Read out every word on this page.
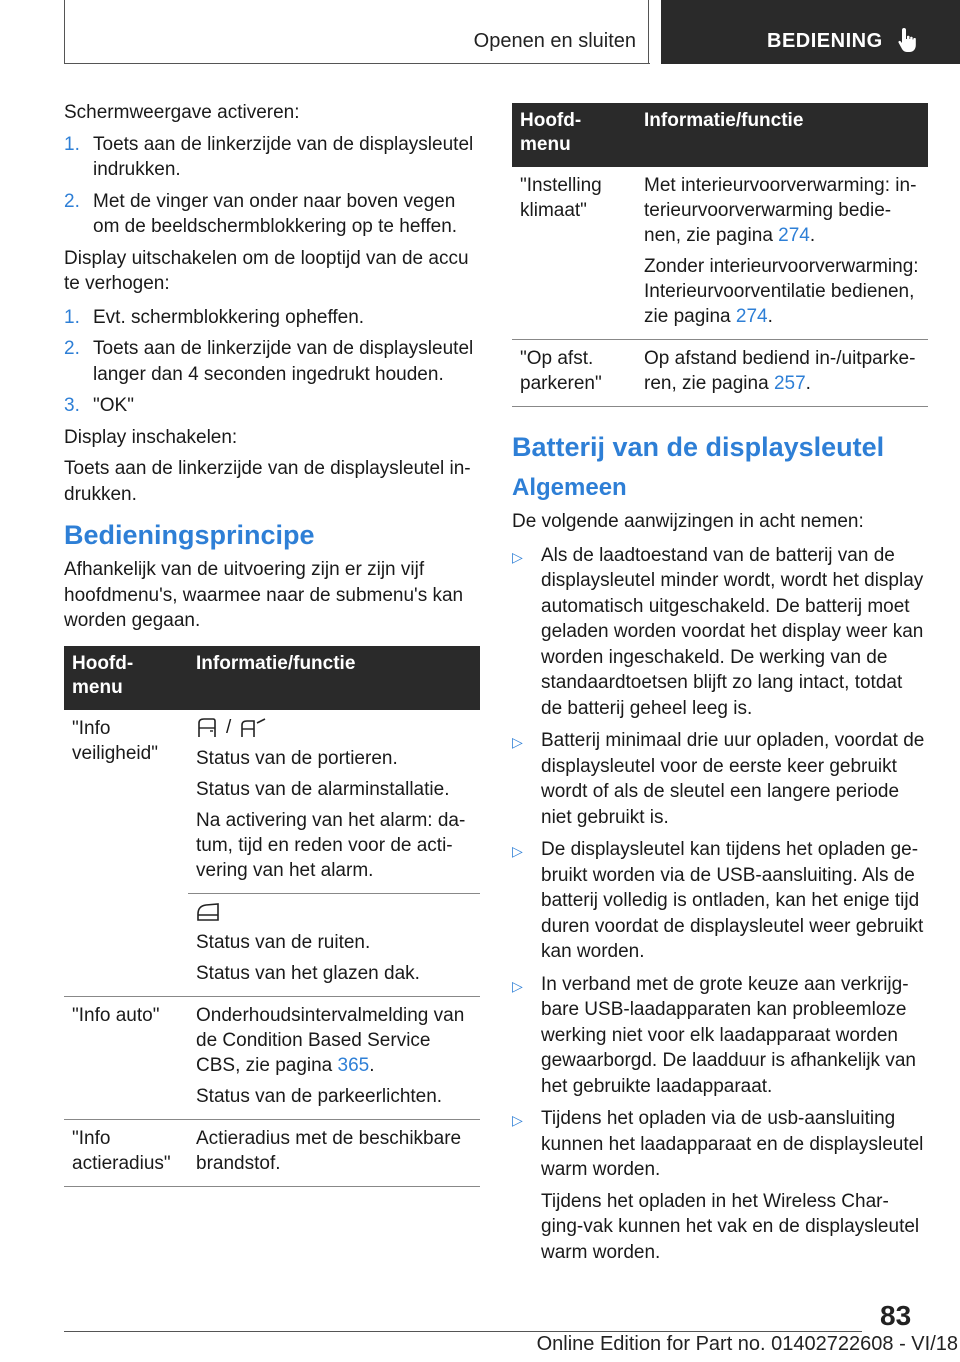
Openen en sluiten	BEDIENING

Schermweergave activeren:

1. Toets aan de linkerzijde van de displaysleutel indrukken.
2. Met de vinger van onder naar boven vegen om de beeldschermblokkering op te heffen.

Display uitschakelen om de looptijd van de accu te verhogen:

1. Evt. schermblokkering opheffen.
2. Toets aan de linkerzijde van de displaysleutel langer dan 4 seconden ingedrukt houden.
3. "OK"

Display inschakelen:

Toets aan de linkerzijde van de displaysleutel in- drukken.

Bedieningsprincipe

Afhankelijk van de uitvoering zijn er zijn vijf hoofdmenu's, waarmee naar de submenu's kan worden gegaan.

Hoofd- menu	Informatie/functie
"Info veiligheid"	/

Status van de portieren.

Status van de alarminstallatie.

Na activering van het alarm: da- tum, tijd en reden voor de acti- vering van het alarm.

	Status van de ruiten.

Status van het glazen dak.

"Info auto"	Onderhoudsintervalmelding van de Condition Based Service CBS, zie pagina 365.

Status van de parkeerlichten.

"Info actieradius"	Actieradius met de beschikbare brandstof.
Hoofd- menu	Informatie/functie
"Instelling klimaat"	Met interieurvoorverwarming: in- terieurvoorverwarming bedie- nen, zie pagina 274.

Zonder interieurvoorverwarming: Interieurvoorventilatie bedienen, zie pagina 274.

"Op afst. parkeren"	Op afstand bediend in-/uitparke- ren, zie pagina 257.

Batterij van de displaysleutel
Algemeen

De volgende aanwijzingen in acht nemen:

▷ Als de laadtoestand van de batterij van de displaysleutel minder wordt, wordt het display automatisch uitgeschakeld. De batterij moet geladen worden voordat het display weer kan worden ingeschakeld. De werking van de standaardtoetsen blijft zo lang intact, totdat de batterij geheel leeg is.
▷ Batterij minimaal drie uur opladen, voordat de displaysleutel voor de eerste keer gebruikt wordt of als de sleutel een langere periode niet gebruikt is.
▷ De displaysleutel kan tijdens het opladen ge- bruikt worden via de USB-aansluiting. Als de batterij volledig is ontladen, kan het enige tijd duren voordat de displaysleutel weer gebruikt kan worden.
▷ In verband met de grote keuze aan verkrijg- bare USB-laadapparaten kan probleemloze werking niet voor elk laadapparaat worden gewaarborgd. De laadduur is afhankelijk van het gebruikte laadapparaat.
▷ Tijdens het opladen via de usb-aansluiting kunnen het laadapparaat en de displaysleutel warm worden.

Tijdens het opladen in het Wireless Char- ging-vak kunnen het vak en de displaysleutel warm worden.

83
Online Edition for Part no. 01402722608 - VI/18
